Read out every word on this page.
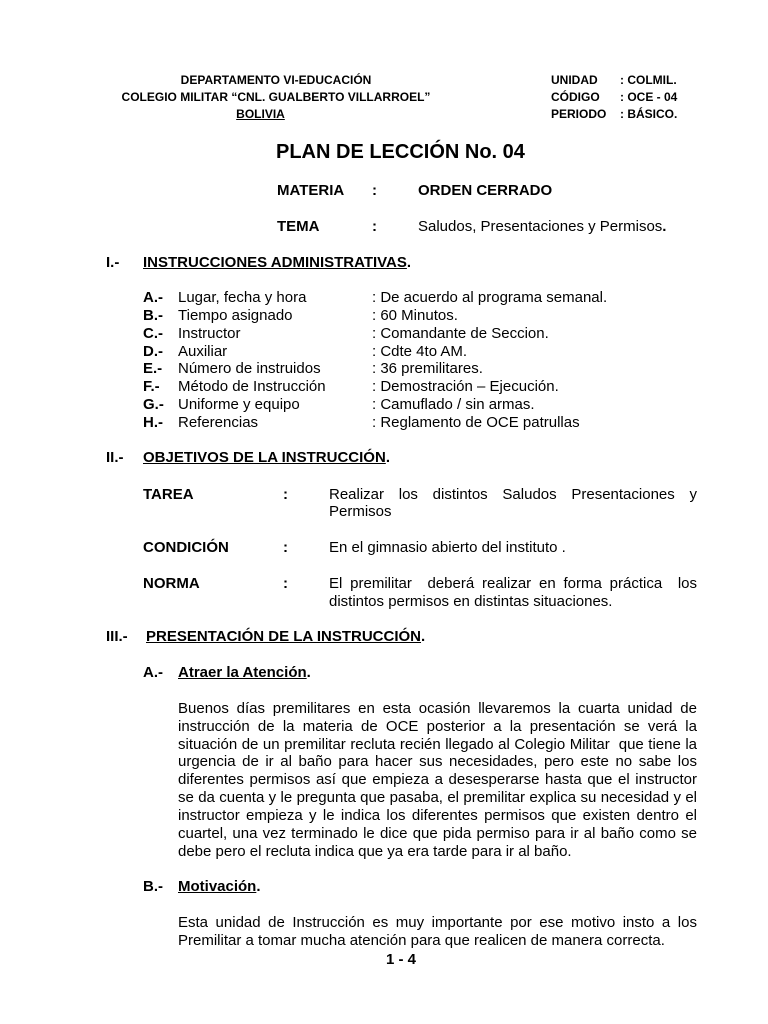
DEPARTAMENTO VI-EDUCACIÓN
COLEGIO MILITAR “CNL. GUALBERTO VILLARROEL”
BOLIVIA
UNIDAD : COLMIL.
CÓDIGO : OCE - 04
PERIODO : BÁSICO.
PLAN DE LECCIÓN No. 04
MATERIA :	ORDEN CERRADO
TEMA	:	Saludos, Presentaciones y Permisos.
I.- INSTRUCCIONES ADMINISTRATIVAS.
A.- Lugar, fecha y hora	: De acuerdo al programa semanal.
B.- Tiempo asignado	: 60 Minutos.
C.- Instructor	: Comandante de Seccion.
D.- Auxiliar	: Cdte 4to AM.
E.- Número de instruidos	: 36 premilitares.
F.- Método de Instrucción	: Demostración – Ejecución.
G.- Uniforme y equipo	: Camuflado / sin armas.
H.- Referencias	: Reglamento de OCE patrullas
II.- OBJETIVOS DE LA INSTRUCCIÓN.
TAREA	:	Realizar los distintos Saludos Presentaciones y
Permisos
CONDICIÓN	:	En el gimnasio abierto del instituto .
NORMA	:	El premilitar  deberá realizar en forma práctica  los
distintos permisos en distintas situaciones.
III.- PRESENTACIÓN DE LA INSTRUCCIÓN.
A.- Atraer la Atención.
Buenos días premilitares en esta ocasión llevaremos la cuarta unidad de
instrucción de la materia de OCE posterior a la presentación se verá la
situación de un premilitar recluta recién llegado al Colegio Militar  que tiene la
urgencia de ir al baño para hacer sus necesidades, pero este no sabe los
diferentes permisos así que empieza a desesperarse hasta que el instructor
se da cuenta y le pregunta que pasaba, el premilitar explica su necesidad y el
instructor empieza y le indica los diferentes permisos que existen dentro el
cuartel, una vez terminado le dice que pida permiso para ir al baño como se
debe pero el recluta indica que ya era tarde para ir al baño.
B.- Motivación.
Esta unidad de Instrucción es muy importante por ese motivo insto a los
Premilitar a tomar mucha atención para que realicen de manera correcta.
1 - 4
